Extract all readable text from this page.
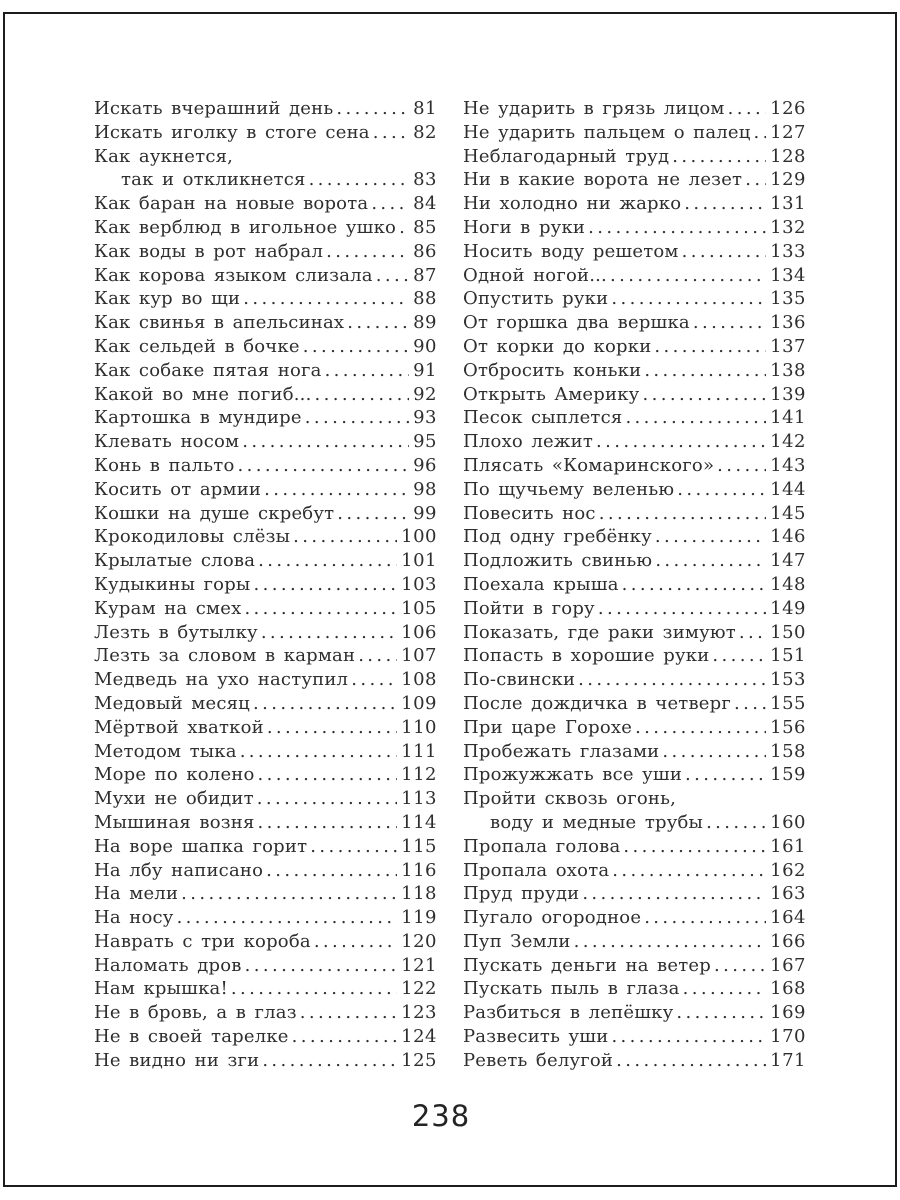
Искать вчерашний день .....	81
Искать иголку в стоге сена ..... 82
Как аукнется,
так и откликнется .....	83
Как баран на новые ворота ..... 84
Как верблюд в игольное ушко ..... 85
Как воды в рот набрал .....	86
Как корова языком слизала ..... 87
Как кур во щи .....	88
Как свинья в апельсинах .....	89
Как сельдей в бочке .....	90
Как собаке пятая нога .....	91
Какой во мне погиб... .....	92
Картошка в мундире .....	93
Клевать носом .....	95
Конь в пальто .....	96
Косить от армии .....	98
Кошки на душе скребут .....	99
Крокодиловы слёзы .....	100
Крылатые слова .....	101
Кудыкины горы .....	103
Курам на смех .....	105
Лезть в бутылку .....	106
Лезть за словом в карман .....	107
Медведь на ухо наступил .....	108
Медовый месяц .....	109
Мёртвой хваткой .....	110
Методом тыка .....	111
Море по колено .....	112
Мухи не обидит .....	113
Мышиная возня .....	114
На воре шапка горит .....	115
На лбу написано .....	116
На мели .....	118
На носу .....	119
Наврать с три короба .....	120
Наломать дров .....	121
Нам крышка! .....	122
Не в бровь, а в глаз .....	123
Не в своей тарелке .....	124
Не видно ни зги .....	125
Не ударить в грязь лицом .....	126
Не ударить пальцем о палец ..... 127
Неблагодарный труд .....	128
Ни в какие ворота не лезет ..... 129
Ни холодно ни жарко .....	131
Ноги в руки .....	132
Носить воду решетом .....	133
Одной ногой... .....	134
Опустить руки .....	135
От горшка два вершка .....	136
От корки до корки .....	137
Отбросить коньки .....	138
Открыть Америку .....	139
Песок сыплется .....	141
Плохо лежит .....	142
Плясать «Комаринского» .....	143
По щучьему веленью .....	144
Повесить нос .....	145
Под одну гребёнку .....	146
Подложить свинью .....	147
Поехала крыша .....	148
Пойти в гору .....	149
Показать, где раки зимуют ..... 150
Попасть в хорошие руки .....	151
По-свински .....	153
После дождичка в четверг ..... 155
При царе Горохе .....	156
Пробежать глазами .....	158
Прожужжать все уши .....	159
Пройти сквозь огонь,
воду и медные трубы .....	160
Пропала голова .....	161
Пропала охота .....	162
Пруд пруди .....	163
Пугало огородное .....	164
Пуп Земли .....	166
Пускать деньги на ветер .....	167
Пускать пыль в глаза .....	168
Разбиться в лепёшку .....	169
Развесить уши .....	170
Реветь белугой .....	171
238
